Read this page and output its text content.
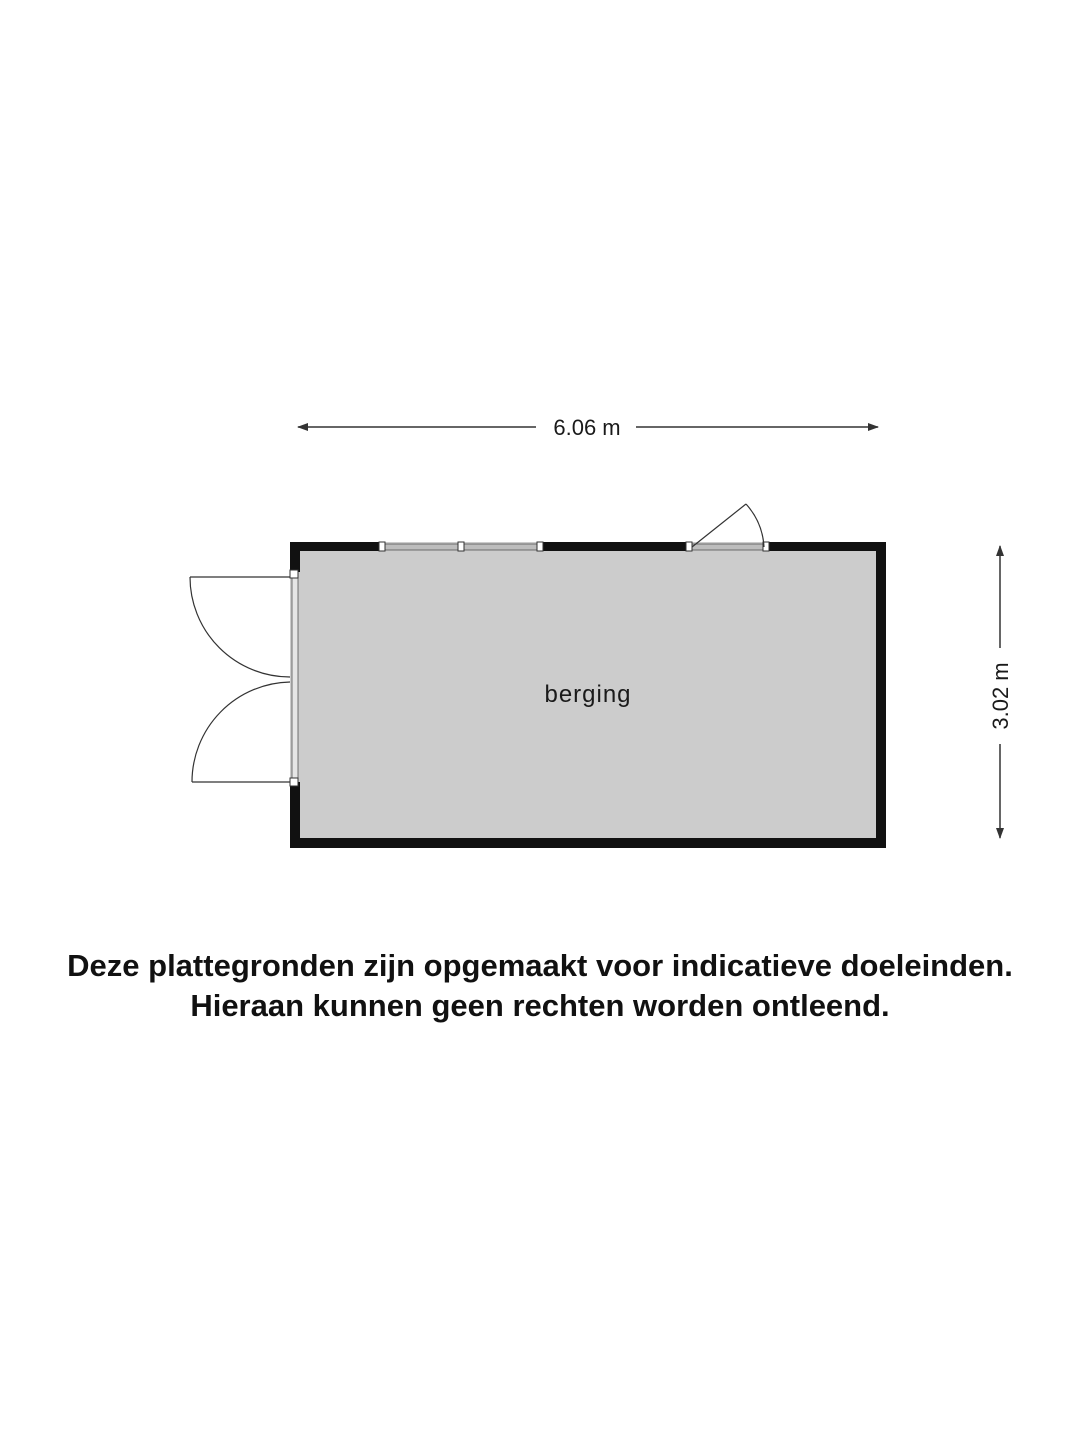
6.06 m
3.02 m
berging
Deze plattegronden zijn opgemaakt voor indicatieve doeleinden.
Hieraan kunnen geen rechten worden ontleend.
